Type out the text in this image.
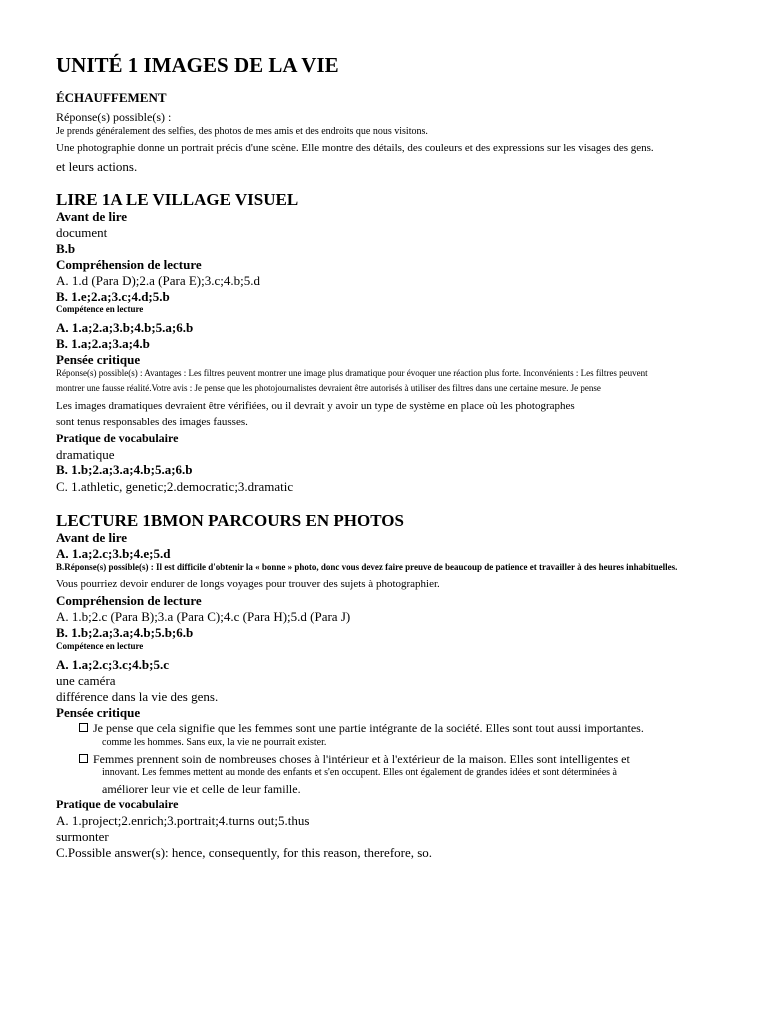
UNITÉ 1 IMAGES DE LA VIE
ÉCHAUFFEMENT
Réponse(s) possible(s) :
Je prends généralement des selfies, des photos de mes amis et des endroits que nous visitons.
Une photographie donne un portrait précis d'une scène. Elle montre des détails, des couleurs et des expressions sur les visages des gens.
et leurs actions.
LIRE 1A LE VILLAGE VISUEL
Avant de lire
document
B.b
Compréhension de lecture
A. 1.d (Para D);2.a (Para E);3.c;4.b;5.d
B. 1.e;2.a;3.c;4.d;5.b
Compétence en lecture
A. 1.a;2.a;3.b;4.b;5.a;6.b
B. 1.a;2.a;3.a;4.b
Pensée critique
Réponse(s) possible(s) : Avantages : Les filtres peuvent montrer une image plus dramatique pour évoquer une réaction plus forte. Inconvénients : Les filtres peuvent
montrer une fausse réalité.Votre avis : Je pense que les photojournalistes devraient être autorisés à utiliser des filtres dans une certaine mesure. Je pense
Les images dramatiques devraient être vérifiées, ou il devrait y avoir un type de système en place où les photographes
sont tenus responsables des images fausses.
Pratique de vocabulaire
dramatique
B. 1.b;2.a;3.a;4.b;5.a;6.b
C. 1.athletic, genetic;2.democratic;3.dramatic
LECTURE 1BMON PARCOURS EN PHOTOS
Avant de lire
A. 1.a;2.c;3.b;4.e;5.d
B.Réponse(s) possible(s) : Il est difficile d'obtenir la « bonne » photo, donc vous devez faire preuve de beaucoup de patience et travailler à des heures inhabituelles.
Vous pourriez devoir endurer de longs voyages pour trouver des sujets à photographier.
Compréhension de lecture
A. 1.b;2.c (Para B);3.a (Para C);4.c (Para H);5.d (Para J)
B. 1.b;2.a;3.a;4.b;5.b;6.b
Compétence en lecture
A. 1.a;2.c;3.c;4.b;5.c
une caméra
différence dans la vie des gens.
Pensée critique
Je pense que cela signifie que les femmes sont une partie intégrante de la société. Elles sont tout aussi importantes.
comme les hommes. Sans eux, la vie ne pourrait exister.
Femmes prennent soin de nombreuses choses à l'intérieur et à l'extérieur de la maison. Elles sont intelligentes et
innovant. Les femmes mettent au monde des enfants et s'en occupent. Elles ont également de grandes idées et sont déterminées à
améliorer leur vie et celle de leur famille.
Pratique de vocabulaire
A. 1.project;2.enrich;3.portrait;4.turns out;5.thus
surmonter
C.Possible answer(s): hence, consequently, for this reason, therefore, so.
